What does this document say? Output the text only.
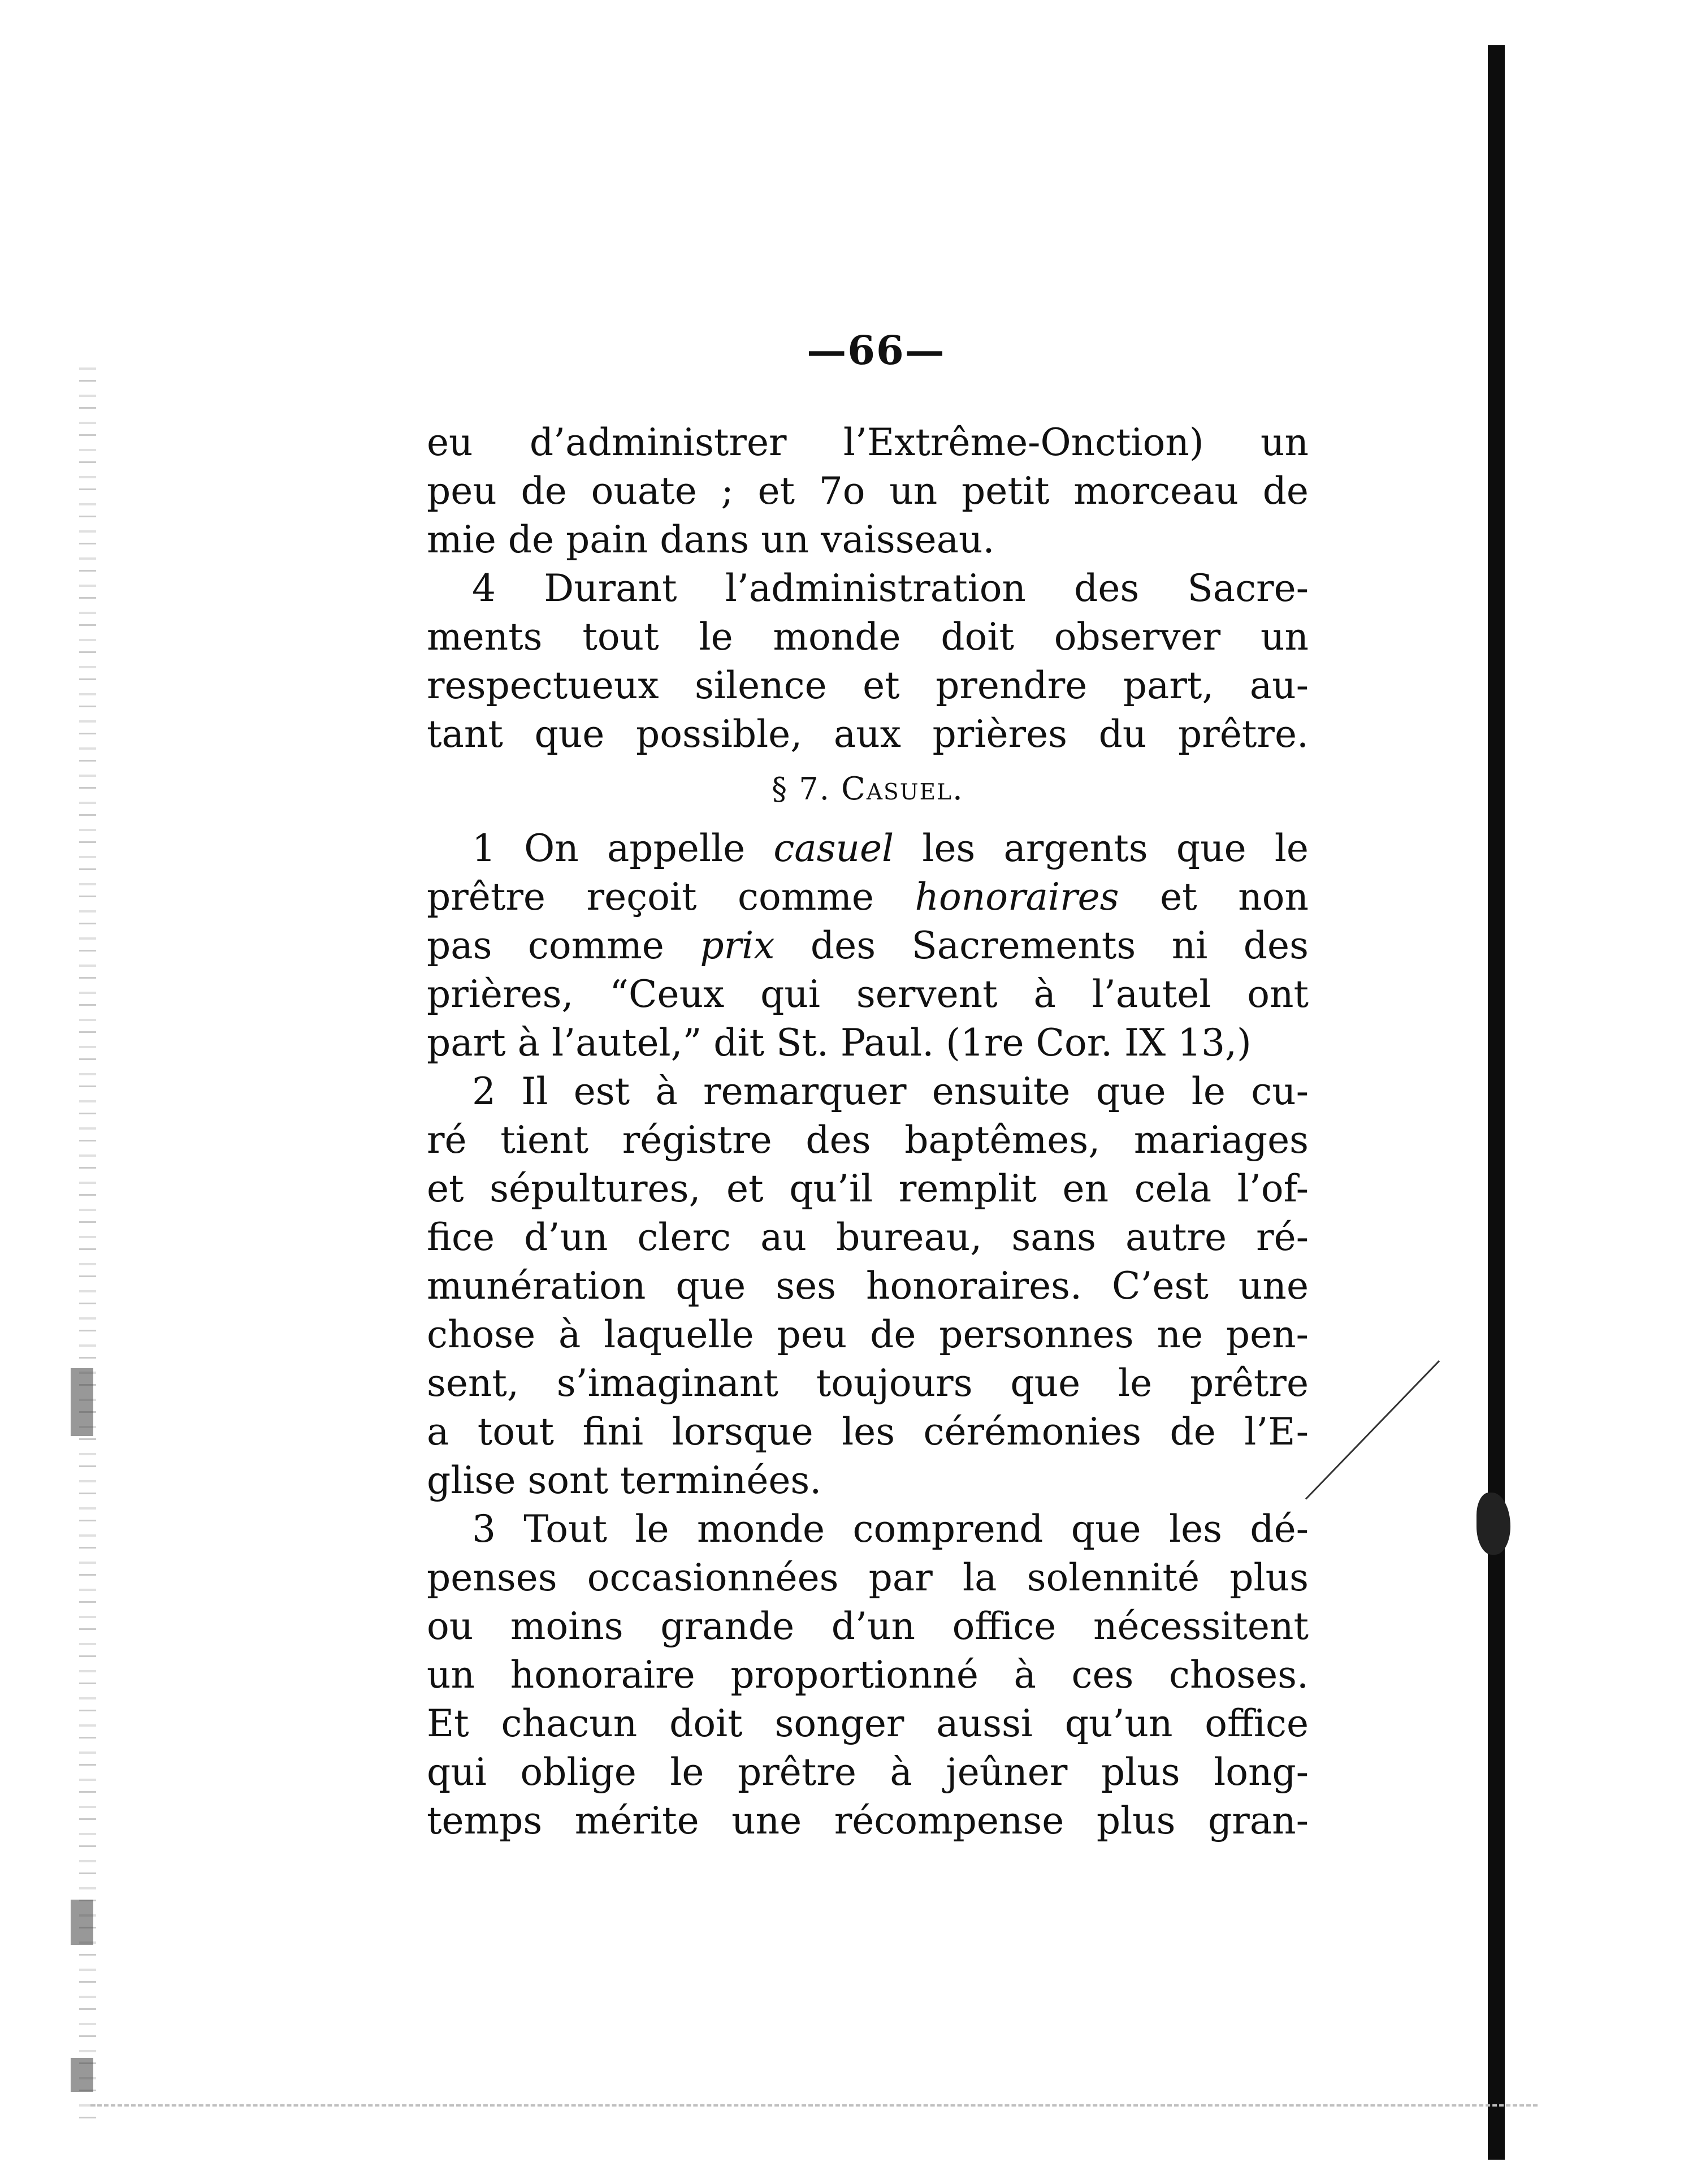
—66—
eu d’administrer l’Extrême-Onction) un
peu de ouate ; et 7o un petit morceau de
mie de pain dans un vaisseau.
4 Durant l’administration des Sacre-
ments tout le monde doit observer un
respectueux silence et prendre part, au-
tant que possible, aux prières du prêtre.
§ 7. Casuel.
1 On appelle casuel les argents que le
prêtre reçoit comme honoraires et non
pas comme prix des Sacrements ni des
prières, “Ceux qui servent à l’autel ont
part à l’autel,” dit St. Paul. (1re Cor. IX 13,)
2 Il est à remarquer ensuite que le cu-
ré tient régistre des baptêmes, mariages
et sépultures, et qu’il remplit en cela l’of-
fice d’un clerc au bureau, sans autre ré-
munération que ses honoraires. C’est une
chose à laquelle peu de personnes ne pen-
sent, s’imaginant toujours que le prêtre
a tout fini lorsque les cérémonies de l’E-
glise sont terminées.
3 Tout le monde comprend que les dé-
penses occasionnées par la solennité plus
ou moins grande d’un office nécessitent
un honoraire proportionné à ces choses.
Et chacun doit songer aussi qu’un office
qui oblige le prêtre à jeûner plus long-
temps mérite une récompense plus gran-
